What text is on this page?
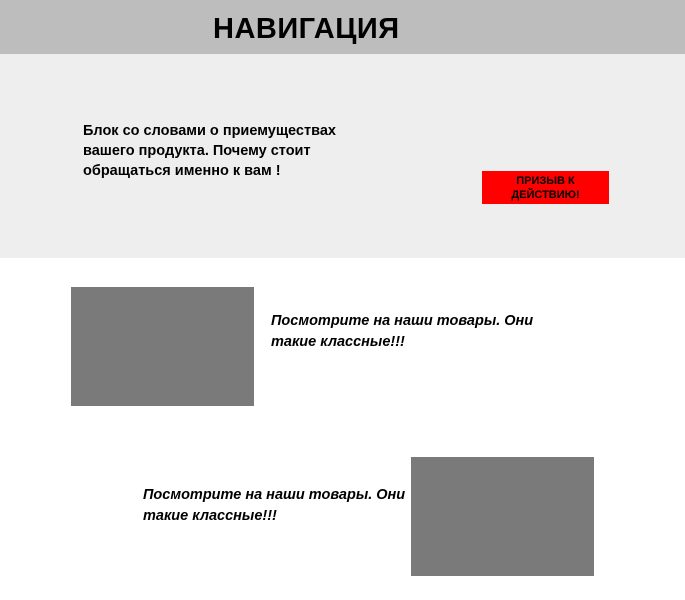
НАВИГАЦИЯ
Блок со словами о приемуществах вашего продукта. Почему стоит обращаться именно к вам !
ПРИЗЫВ К ДЕЙСТВИЮ!
Посмотрите на наши товары. Они такие классные!!!
Посмотрите на наши товары. Они такие классные!!!
